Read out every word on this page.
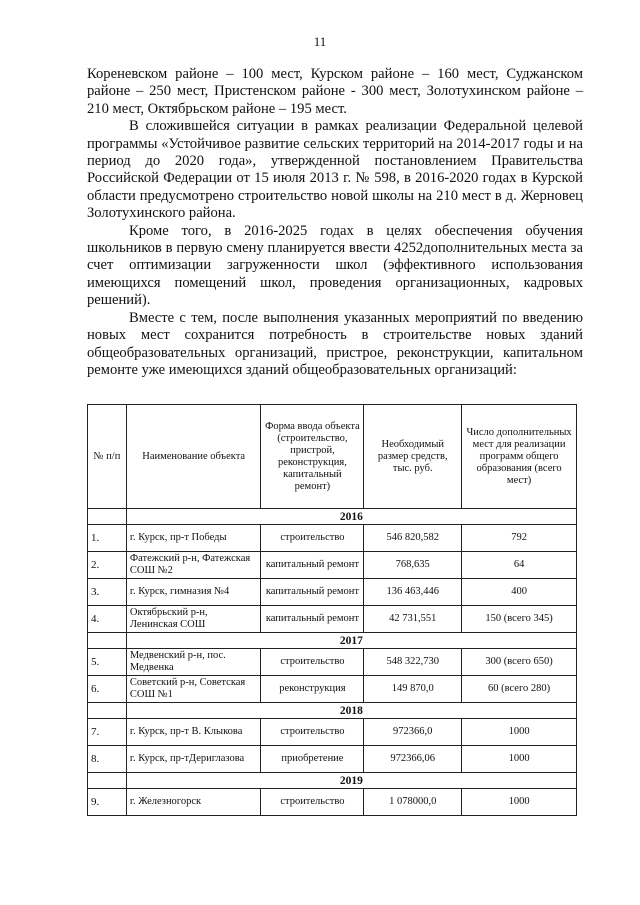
11

Кореневском районе – 100 мест, Курском районе – 160 мест, Суджанском районе – 250 мест, Пристенском районе - 300 мест, Золотухинском районе – 210 мест, Октябрьском районе – 195 мест.

В сложившейся ситуации в рамках реализации Федеральной целевой программы «Устойчивое развитие сельских территорий на 2014-2017 годы и на период до 2020 года», утвержденной постановлением Правительства Российской Федерации от 15 июля 2013 г. № 598, в 2016-2020 годах в Курской области предусмотрено строительство новой школы на 210 мест в д. Жерновец Золотухинского района.

Кроме того, в 2016-2025 годах в целях обеспечения обучения школьников в первую смену планируется ввести 4252дополнительных места за счет оптимизации загруженности школ (эффективного использования имеющихся помещений школ, проведения организационных, кадровых решений).

Вместе с тем, после выполнения указанных мероприятий по введению новых мест сохранится потребность в строительстве новых зданий общеобразовательных организаций, пристрое, реконструкции, капитальном ремонте уже имеющихся зданий общеобразовательных организаций:

№ п/п	Наименование объекта	Форма ввода объекта (строительство, пристрой, реконструкция, капитальный ремонт)	Необходимый размер средств, тыс. руб.	Число дополнительных мест для реализации программ общего образования (всего мест)
	2016			
1.	г. Курск, пр-т Победы	строительство	546 820,582	792
2.	Фатежский р-н, Фатежская СОШ №2	капитальный ремонт	768,635	64
3.	г. Курск, гимназия №4	капитальный ремонт	136 463,446	400
4.	Октябрьский р-н, Ленинская СОШ	капитальный ремонт	42 731,551	150 (всего 345)
	2017			
5.	Медвенский р-н, пос. Медвенка	строительство	548 322,730	300 (всего 650)
6.	Советский р-н, Советская СОШ №1	реконструкция	149 870,0	60 (всего 280)
	2018			
7.	г. Курск, пр-т В. Клыкова	строительство	972366,0	1000
8.	г. Курск, пр-тДериглазова	приобретение	972366,06	1000
	2019			
9.	г. Железногорск	строительство	1 078000,0	1000
